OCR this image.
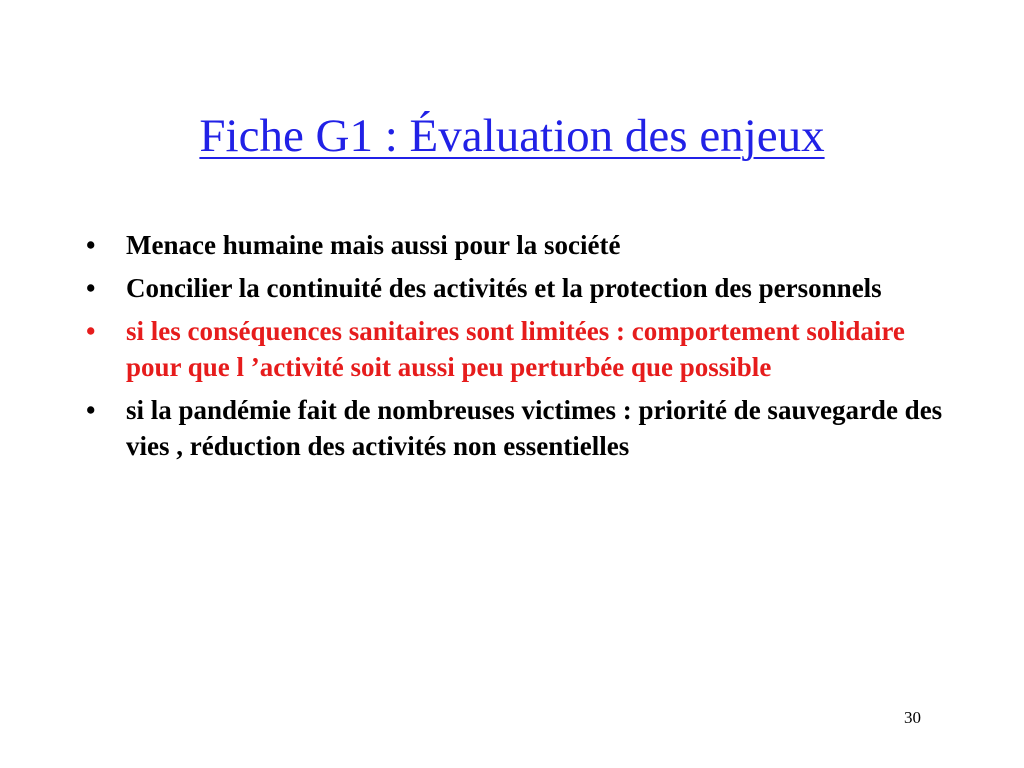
Fiche G1 : Évaluation des enjeux
•	Menace humaine mais aussi pour la société
•	Concilier la continuité des activités et la protection des personnels
•	si les conséquences sanitaires sont limitées : comportement solidaire pour que l ’activité soit aussi peu perturbée que possible
•	si la pandémie fait de nombreuses victimes : priorité de sauvegarde des vies , réduction des activités non essentielles
30
